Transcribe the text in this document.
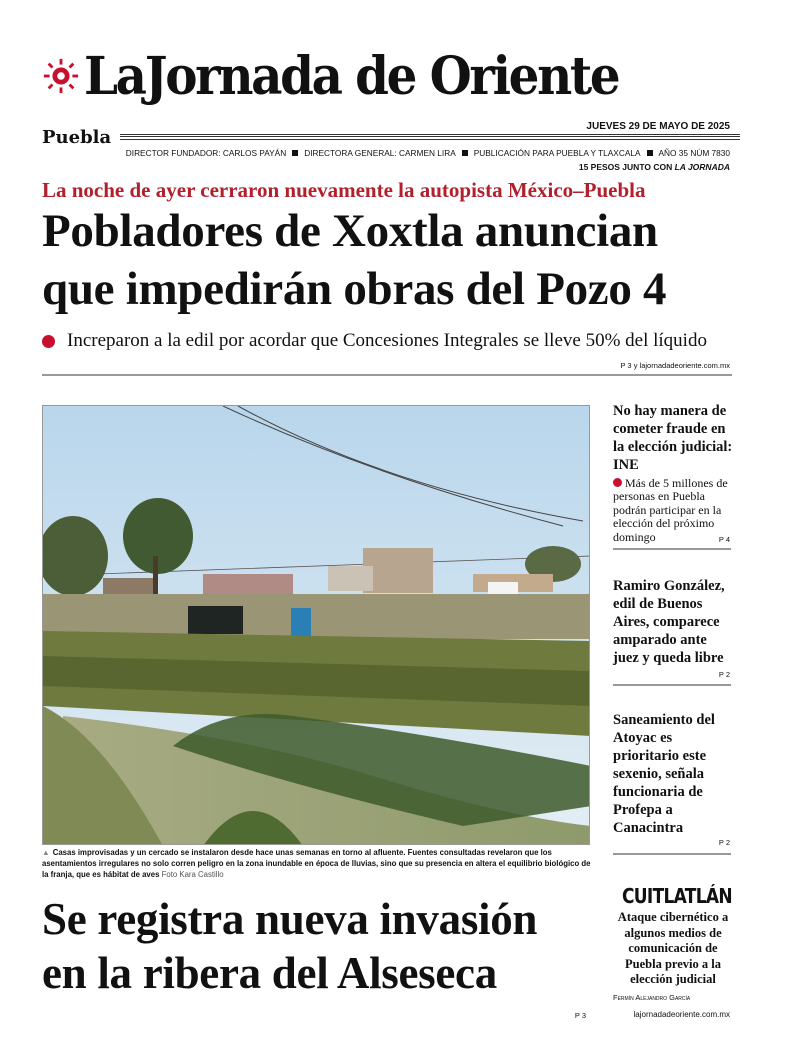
LaJornada de Oriente
Puebla
JUEVES 29 DE MAYO DE 2025
DIRECTOR FUNDADOR: CARLOS PAYÁN DIRECTORA GENERAL: CARMEN LIRA PUBLICACIÓN PARA PUEBLA Y TLAXCALA AÑO 35 NÚM 7830
15 PESOS JUNTO CON LA JORNADA
La noche de ayer cerraron nuevamente la autopista México–Puebla
Pobladores de Xoxtla anuncian
que impedirán obras del Pozo 4
Increparon a la edil por acordar que Concesiones Integrales se lleve 50% del líquido
P 3 y lajornadadeoriente.com.mx
▲ Casas improvisadas y un cercado se instalaron desde hace unas semanas en torno al afluente. Fuentes consultadas revelaron que los asentamientos irregulares no solo corren peligro en la zona inundable en época de lluvias, sino que su presencia en altera el equilibrio biológico de la franja, que es hábitat de aves Foto Kara Castillo
Se registra nueva invasión
en la ribera del Alseseca
P 3
No hay manera de cometer fraude en la elección judicial: INE

Más de 5 millones de personas en Puebla podrán participar en la elección del próximo domingo	P 4
Ramiro González, edil de Buenos Aires, comparece amparado ante juez y queda libre
P 2
Saneamiento del Atoyac es prioritario este sexenio, señala funcionaria de Profepa a Canacintra
P 2
CUITLATLÁN
Ataque cibernético a algunos medios de comunicación de Puebla previo a la elección judicial
Fermín Alejandro García
lajornadadeoriente.com.mx
